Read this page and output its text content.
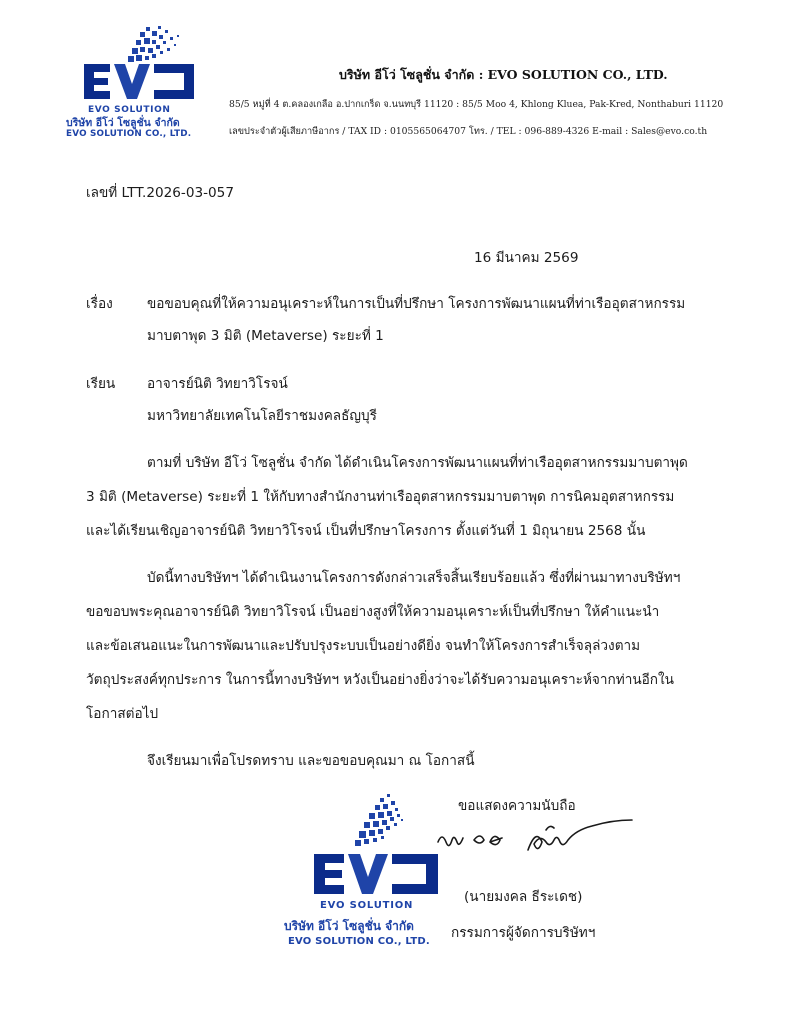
EVO SOLUTION
บริษัท อีโว่ โซลูชั่น จำกัด
EVO SOLUTION CO., LTD.
บริษัท อีโว่ โซลูชั่น จำกัด : EVO SOLUTION CO., LTD.
85/5 หมู่ที่ 4 ต.คลองเกลือ อ.ปากเกร็ด จ.นนทบุรี 11120 : 85/5 Moo 4, Khlong Kluea, Pak-Kred, Nonthaburi 11120
เลขประจำตัวผู้เสียภาษีอากร / TAX ID : 0105565064707 โทร. / TEL : 096-889-4326 E-mail : Sales@evo.co.th
เลขที่ LTT.2026-03-057
16 มีนาคม 2569
เรื่อง	ขอขอบคุณที่ให้ความอนุเคราะห์ในการเป็นที่ปรึกษา โครงการพัฒนาแผนที่ท่าเรืออุตสาหกรรม
มาบตาพุด 3 มิติ (Metaverse) ระยะที่ 1
เรียน อาจารย์นิติ วิทยาวิโรจน์
มหาวิทยาลัยเทคโนโลยีราชมงคลธัญบุรี
ตามที่ บริษัท อีโว่ โซลูชั่น จำกัด ได้ดำเนินโครงการพัฒนาแผนที่ท่าเรืออุตสาหกรรมมาบตาพุด
3 มิติ (Metaverse) ระยะที่ 1 ให้กับทางสำนักงานท่าเรืออุตสาหกรรมมาบตาพุด การนิคมอุตสาหกรรม
และได้เรียนเชิญอาจารย์นิติ วิทยาวิโรจน์ เป็นที่ปรึกษาโครงการ ตั้งแต่วันที่ 1 มิถุนายน 2568 นั้น
บัดนี้ทางบริษัทฯ ได้ดำเนินงานโครงการดังกล่าวเสร็จสิ้นเรียบร้อยแล้ว ซึ่งที่ผ่านมาทางบริษัทฯ
ขอขอบพระคุณอาจารย์นิติ วิทยาวิโรจน์ เป็นอย่างสูงที่ให้ความอนุเคราะห์เป็นที่ปรึกษา ให้คำแนะนำ
และข้อเสนอแนะในการพัฒนาและปรับปรุงระบบเป็นอย่างดียิ่ง จนทำให้โครงการสำเร็จลุล่วงตาม
วัตถุประสงค์ทุกประการ ในการนี้ทางบริษัทฯ หวังเป็นอย่างยิ่งว่าจะได้รับความอนุเคราะห์จากท่านอีกใน
โอกาสต่อไป
จึงเรียนมาเพื่อโปรดทราบ และขอขอบคุณมา ณ โอกาสนี้
ขอแสดงความนับถือ
EVO SOLUTION
บริษัท อีโว่ โซลูชั่น จำกัด
EVO SOLUTION CO., LTD.
(นายมงคล ธีระเดช)
กรรมการผู้จัดการบริษัทฯ
